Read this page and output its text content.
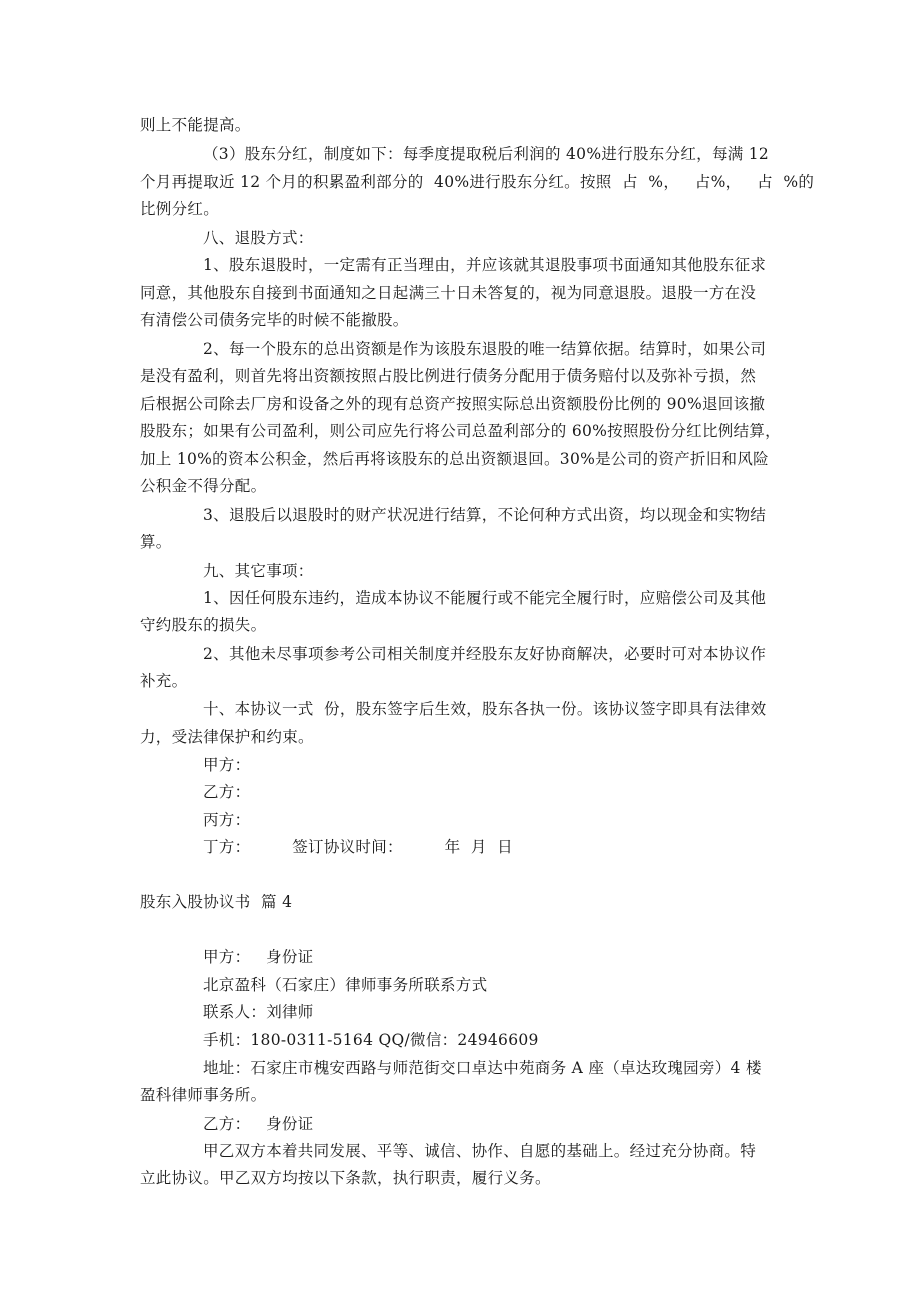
则上不能提高。
（3）股东分红，制度如下：每季度提取税后利润的 40%进行股东分红，每满 12
个月再提取近 12 个月的积累盈利部分的  40%进行股东分红。按照  占  %，   占%，   占  %的
比例分红。
八、退股方式：
1、股东退股时，一定需有正当理由，并应该就其退股事项书面通知其他股东征求
同意，其他股东自接到书面通知之日起满三十日未答复的，视为同意退股。退股一方在没
有清偿公司债务完毕的时候不能撤股。
2、每一个股东的总出资额是作为该股东退股的唯一结算依据。结算时，如果公司
是没有盈利，则首先将出资额按照占股比例进行债务分配用于债务赔付以及弥补亏损，然
后根据公司除去厂房和设备之外的现有总资产按照实际总出资额股份比例的 90%退回该撤
股股东；如果有公司盈利，则公司应先行将公司总盈利部分的 60%按照股份分红比例结算，
加上 10%的资本公积金，然后再将该股东的总出资额退回。30%是公司的资产折旧和风险
公积金不得分配。
3、退股后以退股时的财产状况进行结算，不论何种方式出资，均以现金和实物结
算。
九、其它事项：
1、因任何股东违约，造成本协议不能履行或不能完全履行时，应赔偿公司及其他
守约股东的损失。
2、其他未尽事项参考公司相关制度并经股东友好协商解决，必要时可对本协议作
补充。
十、本协议一式  份，股东签字后生效，股东各执一份。该协议签字即具有法律效
力，受法律保护和约束。
甲方：
乙方：
丙方：
丁方：        签订协议时间：        年  月  日
股东入股协议书  篇 4
甲方：   身份证
北京盈科（石家庄）律师事务所联系方式
联系人：刘律师
手机：180-0311-5164 QQ/微信：24946609
地址：石家庄市槐安西路与师范街交口卓达中苑商务 A 座（卓达玫瑰园旁）4 楼
盈科律师事务所。
乙方：   身份证
甲乙双方本着共同发展、平等、诚信、协作、自愿的基础上。经过充分协商。特
立此协议。甲乙双方均按以下条款，执行职责，履行义务。
